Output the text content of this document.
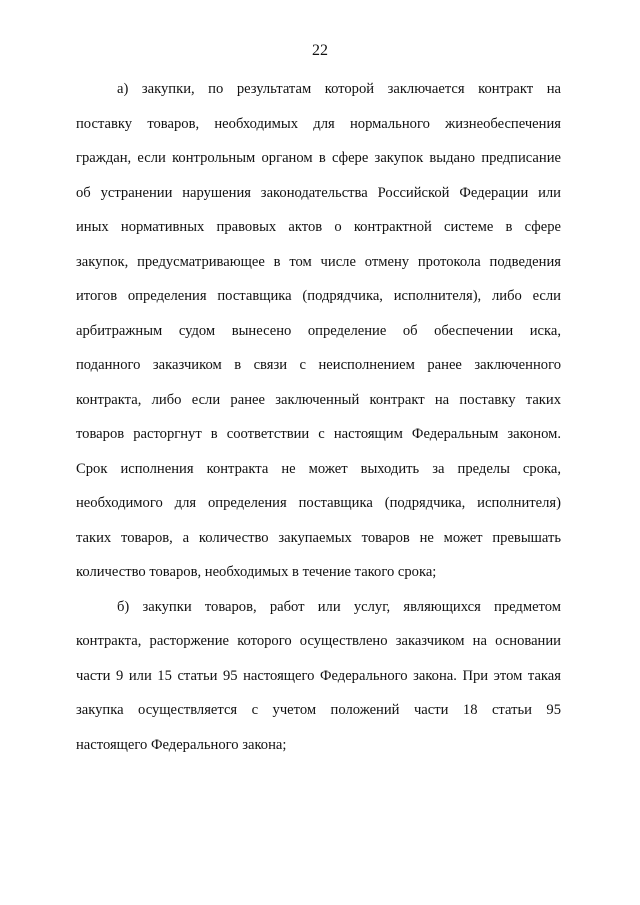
22
а) закупки, по результатам которой заключается контракт на
поставку товаров, необходимых для нормального жизнеобеспечения
граждан, если контрольным органом в сфере закупок выдано предписание
об устранении нарушения законодательства Российской Федерации или
иных нормативных правовых актов о контрактной системе в сфере
закупок, предусматривающее в том числе отмену протокола подведения
итогов определения поставщика (подрядчика, исполнителя), либо если
арбитражным судом вынесено определение об обеспечении иска,
поданного заказчиком в связи с неисполнением ранее заключенного
контракта, либо если ранее заключенный контракт на поставку таких
товаров расторгнут в соответствии с настоящим Федеральным законом.
Срок исполнения контракта не может выходить за пределы срока,
необходимого для определения поставщика (подрядчика, исполнителя)
таких товаров, а количество закупаемых товаров не может превышать
количество товаров, необходимых в течение такого срока;
б) закупки товаров, работ или услуг, являющихся предметом
контракта, расторжение которого осуществлено заказчиком на основании
части 9 или 15 статьи 95 настоящего Федерального закона. При этом такая
закупка осуществляется с учетом положений части 18 статьи 95
настоящего Федерального закона;
